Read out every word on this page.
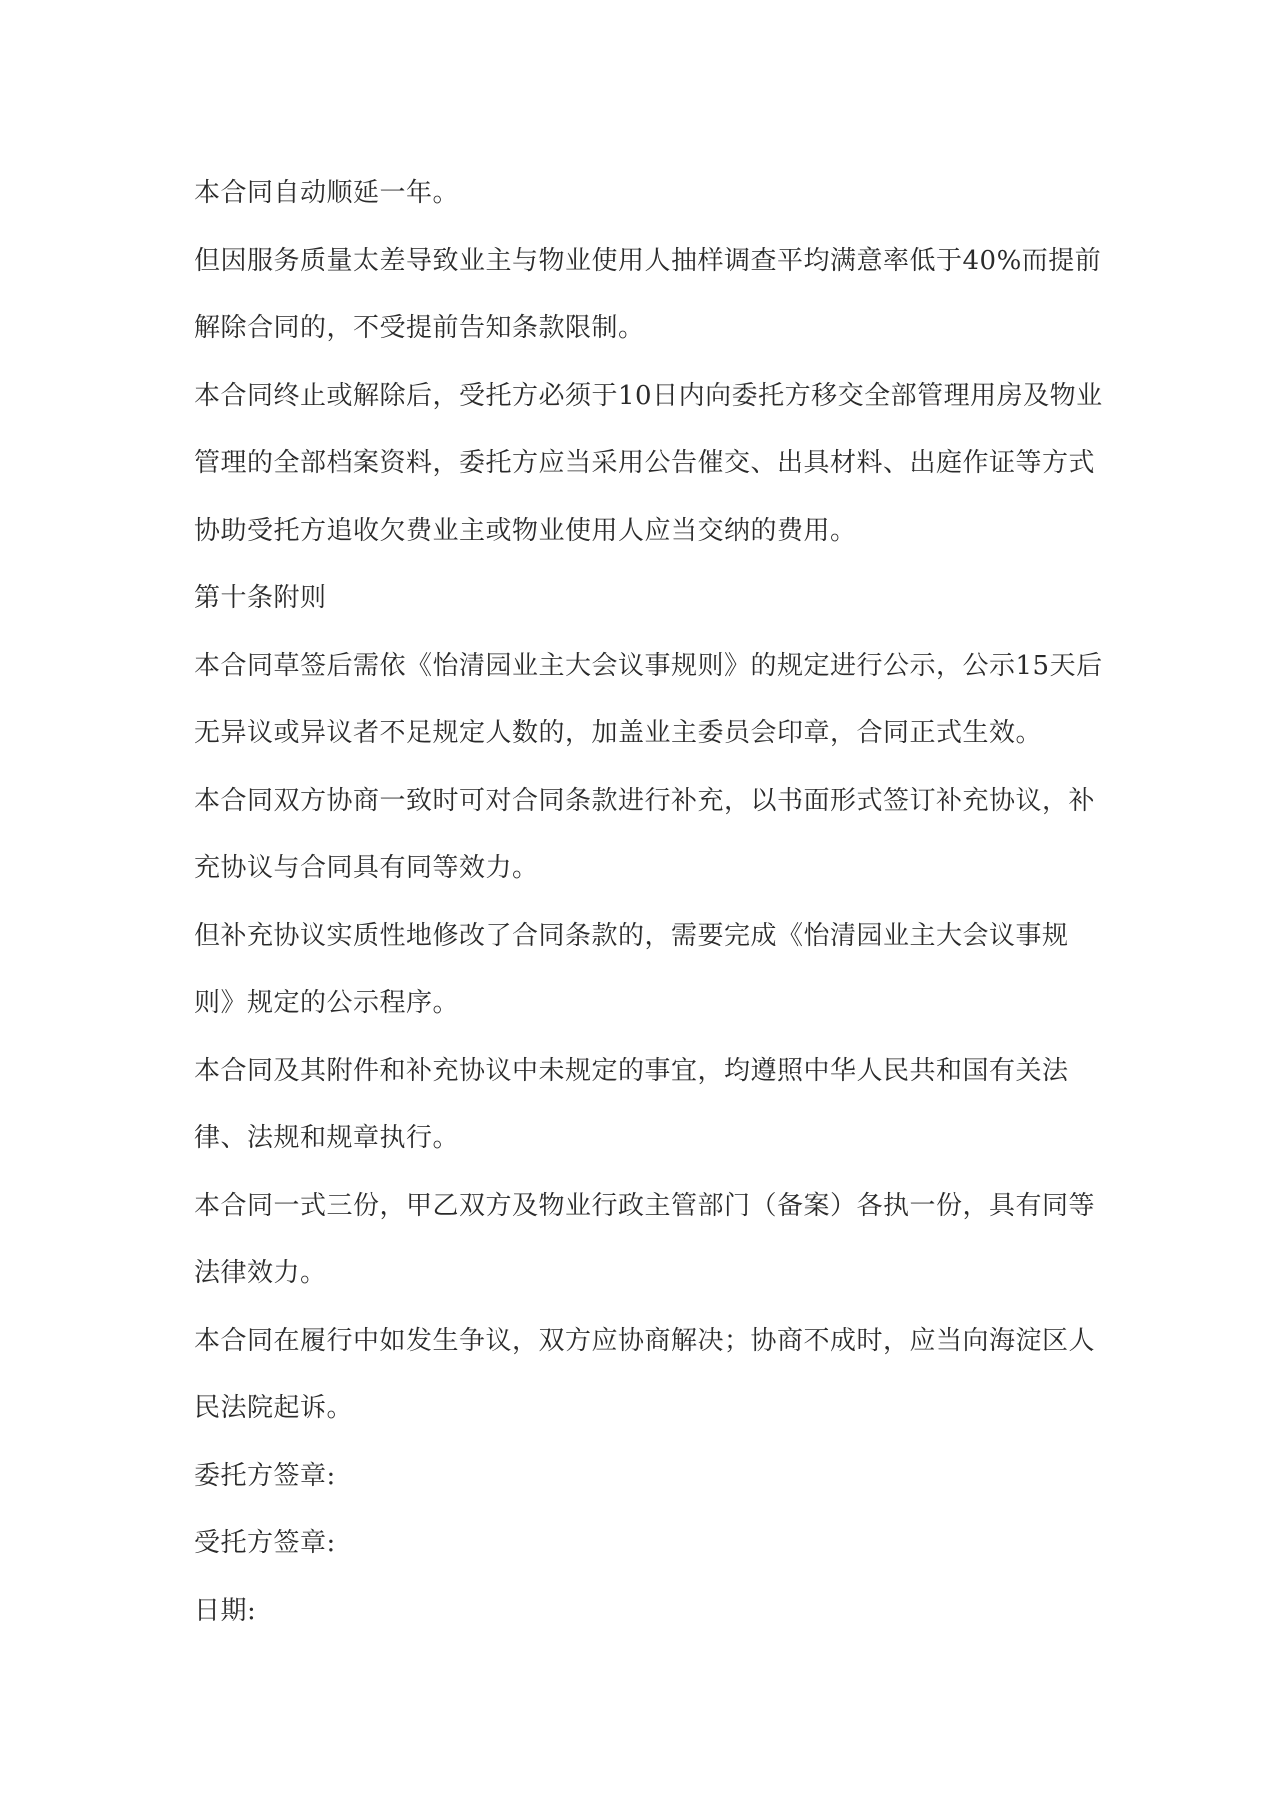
本合同自动顺延一年。

但因服务质量太差导致业主与物业使用人抽样调查平均满意率低于40%而提前

解除合同的，不受提前告知条款限制。

本合同终止或解除后，受托方必须于10日内向委托方移交全部管理用房及物业

管理的全部档案资料，委托方应当采用公告催交、出具材料、出庭作证等方式

协助受托方追收欠费业主或物业使用人应当交纳的费用。

第十条附则

本合同草签后需依《怡清园业主大会议事规则》的规定进行公示，公示15天后

无异议或异议者不足规定人数的，加盖业主委员会印章，合同正式生效。

本合同双方协商一致时可对合同条款进行补充，以书面形式签订补充协议，补

充协议与合同具有同等效力。

但补充协议实质性地修改了合同条款的，需要完成《怡清园业主大会议事规

则》规定的公示程序。

本合同及其附件和补充协议中未规定的事宜，均遵照中华人民共和国有关法

律、法规和规章执行。

本合同一式三份，甲乙双方及物业行政主管部门（备案）各执一份，具有同等

法律效力。

本合同在履行中如发生争议，双方应协商解决；协商不成时，应当向海淀区人

民法院起诉。

委托方签章:

受托方签章:

日期:
